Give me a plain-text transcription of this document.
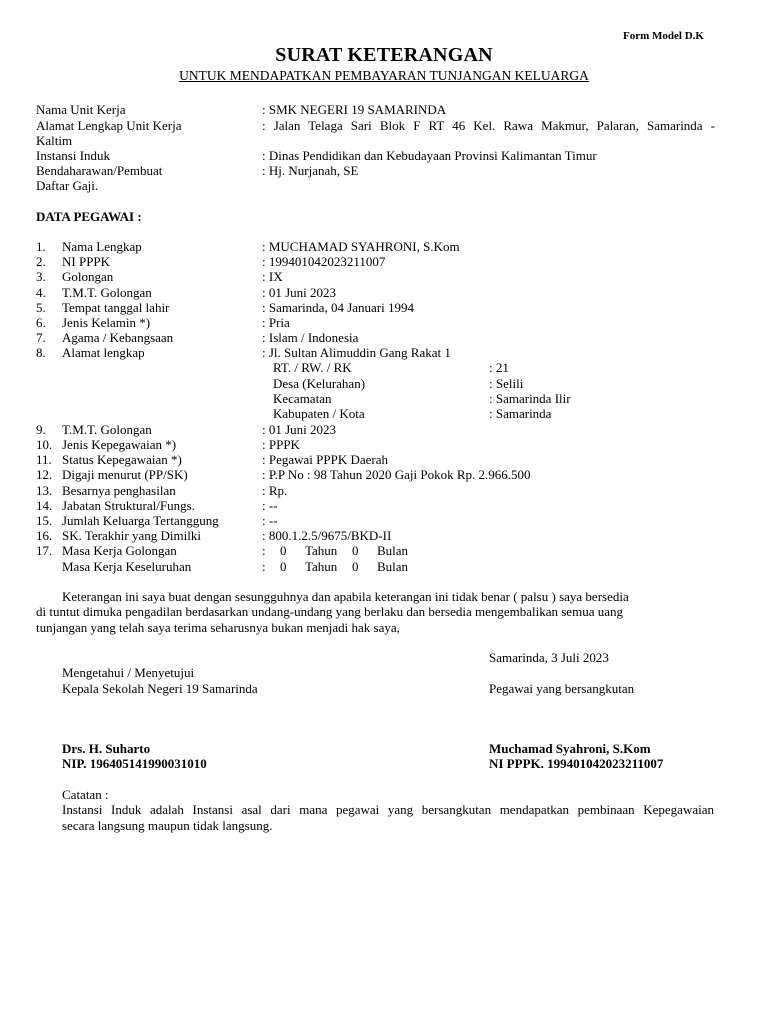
Form Model D.K
SURAT KETERANGAN
UNTUK MENDAPATKAN PEMBAYARAN TUNJANGAN KELUARGA
Nama Unit Kerja	: SMK NEGERI 19 SAMARINDA
Alamat Lengkap Unit Kerja	: Jalan Telaga Sari Blok F RT 46 Kel. Rawa Makmur, Palaran, Samarinda -
Kaltim
Instansi Induk	: Dinas Pendidikan dan Kebudayaan Provinsi Kalimantan Timur
Bendaharawan/Pembuat	: Hj. Nurjanah, SE
Daftar Gaji.
DATA PEGAWAI :
1. Nama Lengkap	: MUCHAMAD SYAHRONI, S.Kom
2. NI PPPK	: 199401042023211007
3. Golongan	: IX
4. T.M.T. Golongan	: 01 Juni 2023
5. Tempat tanggal lahir	: Samarinda, 04 Januari 1994
6. Jenis Kelamin *)	: Pria
7. Agama / Kebangsaan	: Islam / Indonesia
8. Alamat lengkap	: Jl. Sultan Alimuddin Gang Rakat 1
RT. / RW. / RK	: 21
Desa (Kelurahan)	: Selili
Kecamatan	: Samarinda Ilir
Kabupaten / Kota	: Samarinda
9. T.M.T. Golongan	: 01 Juni 2023
10. Jenis Kepegawaian *)	: PPPK
11. Status Kepegawaian *)	: Pegawai PPPK Daerah
12. Digaji menurut (PP/SK)	: P.P No : 98 Tahun 2020 Gaji Pokok Rp. 2.966.500
13. Besarnya penghasilan	: Rp.
14. Jabatan Struktural/Fungs.	: --
15. Jumlah Keluarga Tertanggung	: --
16. SK. Terakhir yang Dimilki	: 800.1.2.5/9675/BKD-II
17. Masa Kerja Golongan	: 0 Tahun 0 Bulan
Masa Kerja Keseluruhan	: 0 Tahun 0 Bulan
Keterangan ini saya buat dengan sesungguhnya dan apabila keterangan ini tidak benar ( palsu ) saya bersedia
di tuntut dimuka pengadilan berdasarkan undang-undang yang berlaku dan bersedia mengembalikan semua uang
tunjangan yang telah saya terima seharusnya bukan menjadi hak saya,
Samarinda, 3 Juli 2023
Mengetahui / Menyetujui
Kepala Sekolah Negeri 19 Samarinda	Pegawai yang bersangkutan
Drs. H. Suharto
NIP. 196405141990031010
Muchamad Syahroni, S.Kom
NI PPPK. 199401042023211007
Catatan :
Instansi Induk adalah Instansi asal dari mana pegawai yang bersangkutan mendapatkan pembinaan Kepegawaian
secara langsung maupun tidak langsung.
